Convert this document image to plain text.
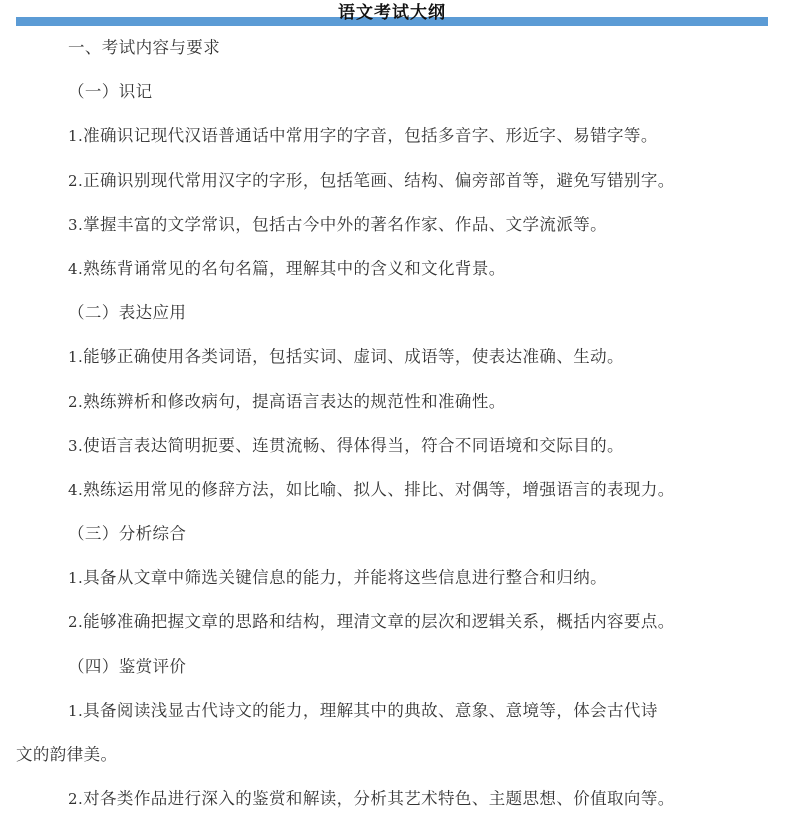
语文考试大纲
一、考试内容与要求
（一）识记
1.准确识记现代汉语普通话中常用字的字音，包括多音字、形近字、易错字等。
2.正确识别现代常用汉字的字形，包括笔画、结构、偏旁部首等，避免写错别字。
3.掌握丰富的文学常识，包括古今中外的著名作家、作品、文学流派等。
4.熟练背诵常见的名句名篇，理解其中的含义和文化背景。
（二）表达应用
1.能够正确使用各类词语，包括实词、虚词、成语等，使表达准确、生动。
2.熟练辨析和修改病句，提高语言表达的规范性和准确性。
3.使语言表达简明扼要、连贯流畅、得体得当，符合不同语境和交际目的。
4.熟练运用常见的修辞方法，如比喻、拟人、排比、对偶等，增强语言的表现力。
（三）分析综合
1.具备从文章中筛选关键信息的能力，并能将这些信息进行整合和归纳。
2.能够准确把握文章的思路和结构，理清文章的层次和逻辑关系，概括内容要点。
（四）鉴赏评价
1.具备阅读浅显古代诗文的能力，理解其中的典故、意象、意境等，体会古代诗
文的韵律美。
2.对各类作品进行深入的鉴赏和解读，分析其艺术特色、主题思想、价值取向等。
